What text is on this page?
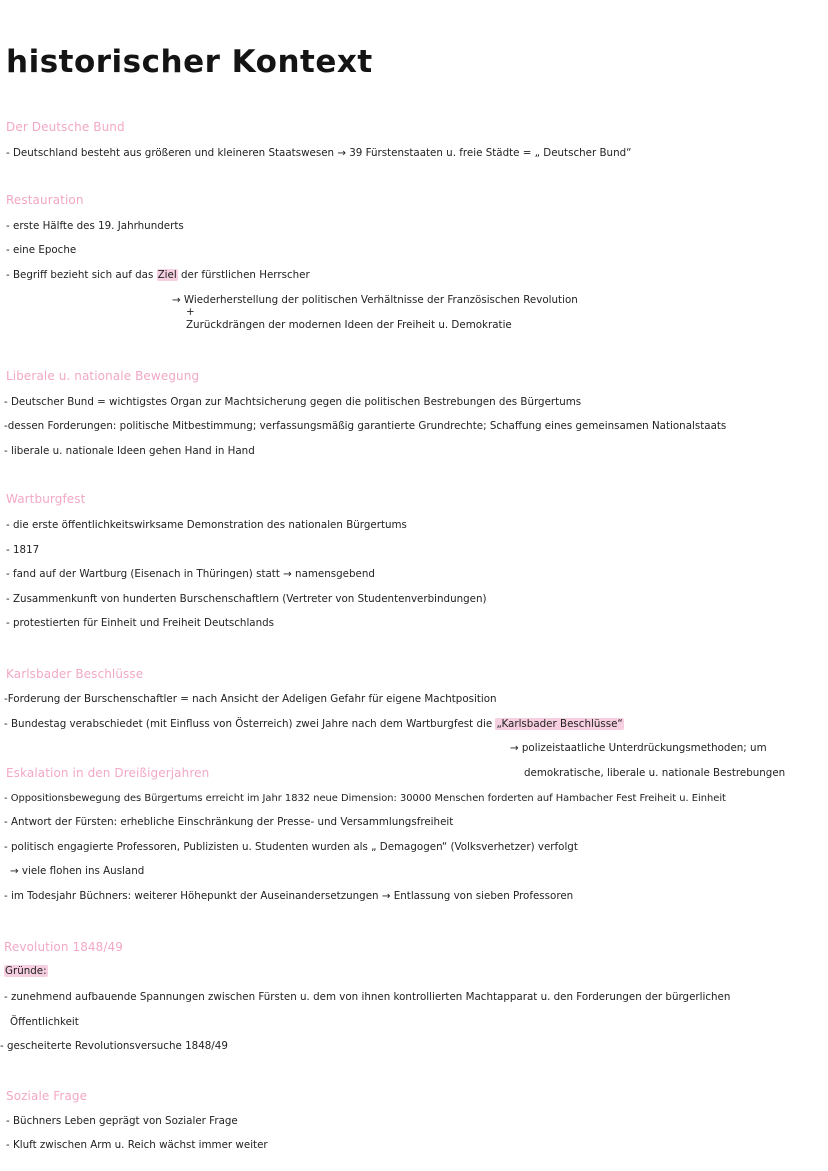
historischer Kontext
Der Deutsche Bund
- Deutschland besteht aus größeren und kleineren Staatswesen → 39 Fürstenstaaten u. freie Städte = „ Deutscher Bund“
Restauration
- erste Hälfte des 19. Jahrhunderts
- eine Epoche
- Begriff bezieht sich auf das Ziel der fürstlichen Herrscher
→ Wiederherstellung der politischen Verhältnisse der Französischen Revolution
+
Zurückdrängen der modernen Ideen der Freiheit u. Demokratie
Liberale u. nationale Bewegung
- Deutscher Bund = wichtigstes Organ zur Machtsicherung gegen die politischen Bestrebungen des Bürgertums
-dessen Forderungen: politische Mitbestimmung; verfassungsmäßig garantierte Grundrechte; Schaffung eines gemeinsamen Nationalstaats
- liberale u. nationale Ideen gehen Hand in Hand
Wartburgfest
- die erste öffentlichkeitswirksame Demonstration des nationalen Bürgertums
- 1817
- fand auf der Wartburg (Eisenach in Thüringen) statt → namensgebend
- Zusammenkunft von hunderten Burschenschaftlern (Vertreter von Studentenverbindungen)
- protestierten für Einheit und Freiheit Deutschlands
Karlsbader Beschlüsse
-Forderung der Burschenschaftler = nach Ansicht der Adeligen Gefahr für eigene Machtposition
- Bundestag verabschiedet (mit Einfluss von Österreich) zwei Jahre nach dem Wartburgfest die „Karlsbader Beschlüsse“
→ polizeistaatliche Unterdrückungsmethoden; um
demokratische, liberale u. nationale Bestrebungen
Eskalation in den Dreißigerjahren
- Oppositionsbewegung des Bürgertums erreicht im Jahr 1832 neue Dimension: 30000 Menschen forderten auf Hambacher Fest Freiheit u. Einheit
- Antwort der Fürsten: erhebliche Einschränkung der Presse- und Versammlungsfreiheit
- politisch engagierte Professoren, Publizisten u. Studenten wurden als „ Demagogen“ (Volksverhetzer) verfolgt
→ viele flohen ins Ausland
- im Todesjahr Büchners: weiterer Höhepunkt der Auseinandersetzungen → Entlassung von sieben Professoren
Revolution 1848/49
Gründe:
- zunehmend aufbauende Spannungen zwischen Fürsten u. dem von ihnen kontrollierten Machtapparat u. den Forderungen der bürgerlichen
Öffentlichkeit
- gescheiterte Revolutionsversuche 1848/49
Soziale Frage
- Büchners Leben geprägt von Sozialer Frage
- Kluft zwischen Arm u. Reich wächst immer weiter
